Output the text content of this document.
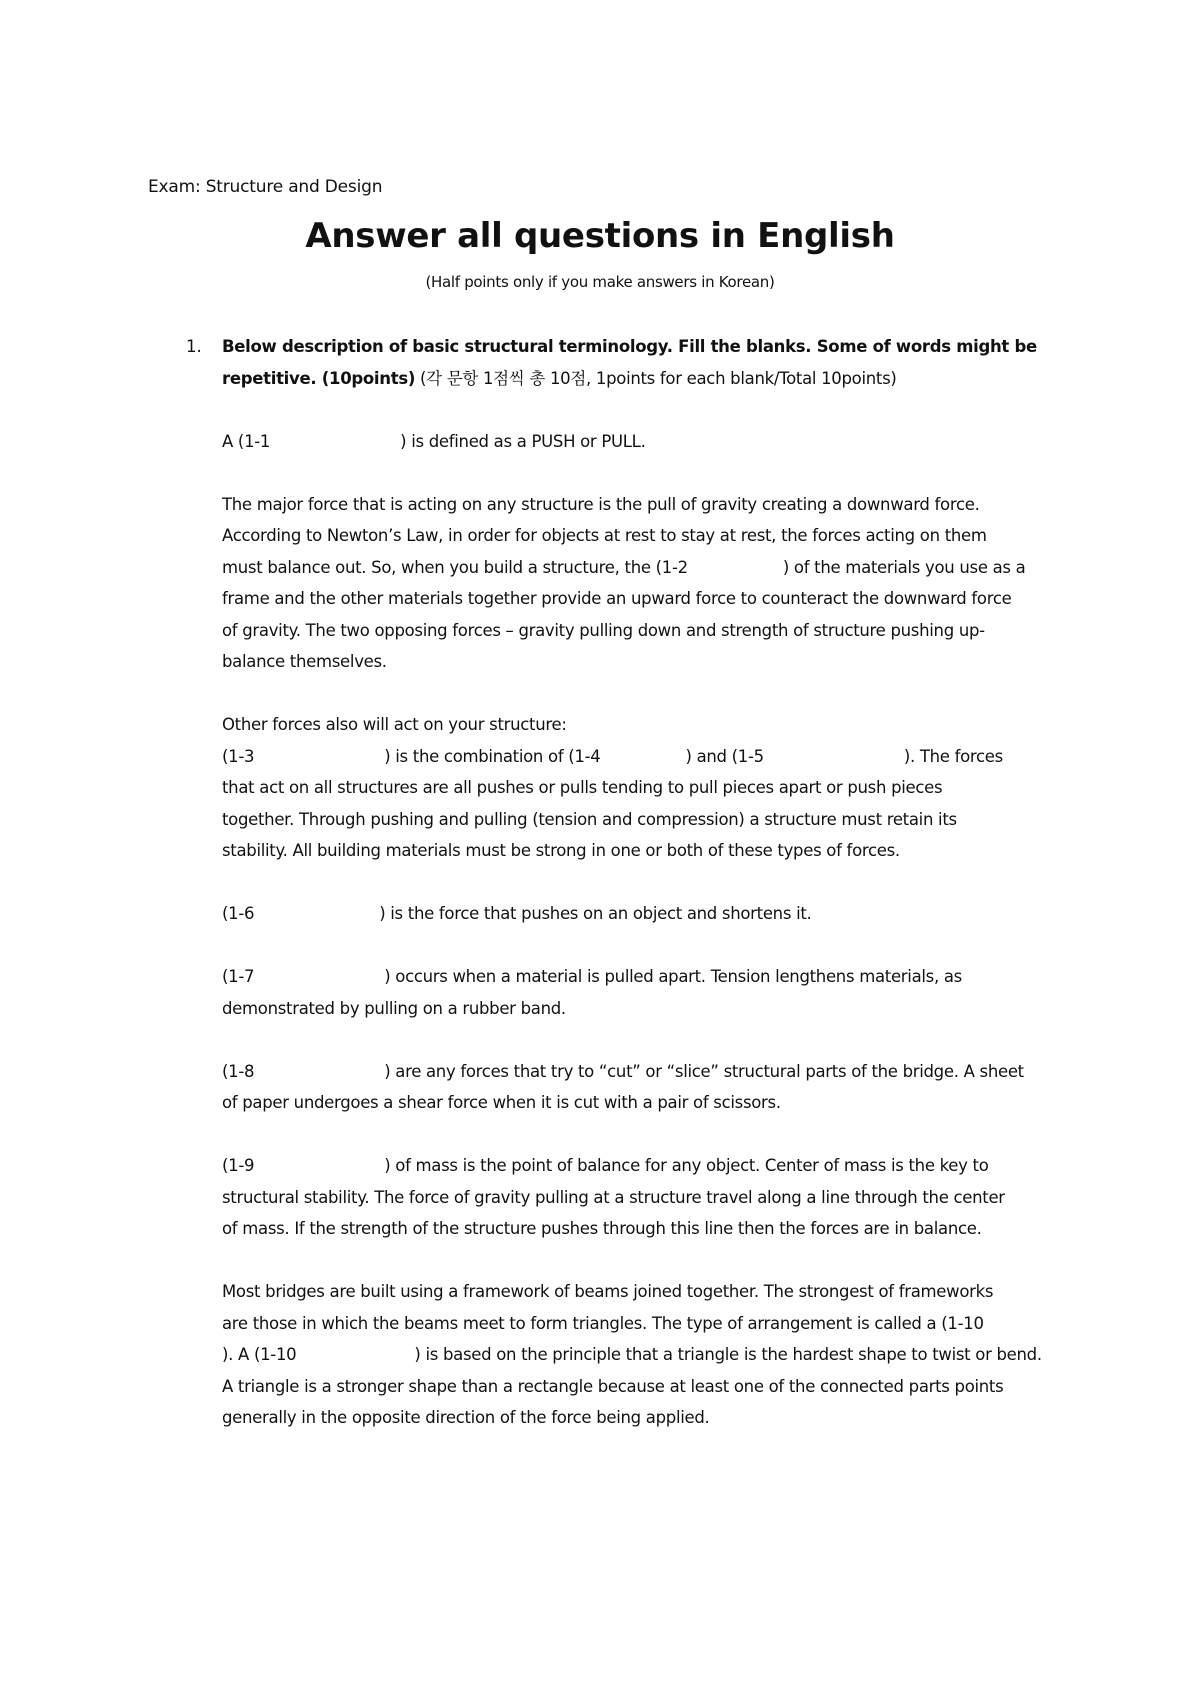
Exam: Structure and Design
Answer all questions in English
(Half points only if you make answers in Korean)
1. Below description of basic structural terminology. Fill the blanks. Some of words might be
repetitive. (10points) (각 문항 1점씩 총 10점, 1points for each blank/Total 10points)
A (1-1	) is defined as a PUSH or PULL.
The major force that is acting on any structure is the pull of gravity creating a downward force.
According to Newton’s Law, in order for objects at rest to stay at rest, the forces acting on them
must balance out. So, when you build a structure, the (1-2	) of the materials you use as a
frame and the other materials together provide an upward force to counteract the downward force
of gravity. The two opposing forces – gravity pulling down and strength of structure pushing up-
balance themselves.
Other forces also will act on your structure:
(1-3	) is the combination of (1-4	) and (1-5	). The forces
that act on all structures are all pushes or pulls tending to pull pieces apart or push pieces
together. Through pushing and pulling (tension and compression) a structure must retain its
stability. All building materials must be strong in one or both of these types of forces.
(1-6	) is the force that pushes on an object and shortens it.
(1-7	) occurs when a material is pulled apart. Tension lengthens materials, as
demonstrated by pulling on a rubber band.
(1-8	) are any forces that try to “cut” or “slice” structural parts of the bridge. A sheet
of paper undergoes a shear force when it is cut with a pair of scissors.
(1-9	) of mass is the point of balance for any object. Center of mass is the key to
structural stability. The force of gravity pulling at a structure travel along a line through the center
of mass. If the strength of the structure pushes through this line then the forces are in balance.
Most bridges are built using a framework of beams joined together. The strongest of frameworks
are those in which the beams meet to form triangles. The type of arrangement is called a (1-10
). A (1-10	) is based on the principle that a triangle is the hardest shape to twist or bend.
A triangle is a stronger shape than a rectangle because at least one of the connected parts points
generally in the opposite direction of the force being applied.
